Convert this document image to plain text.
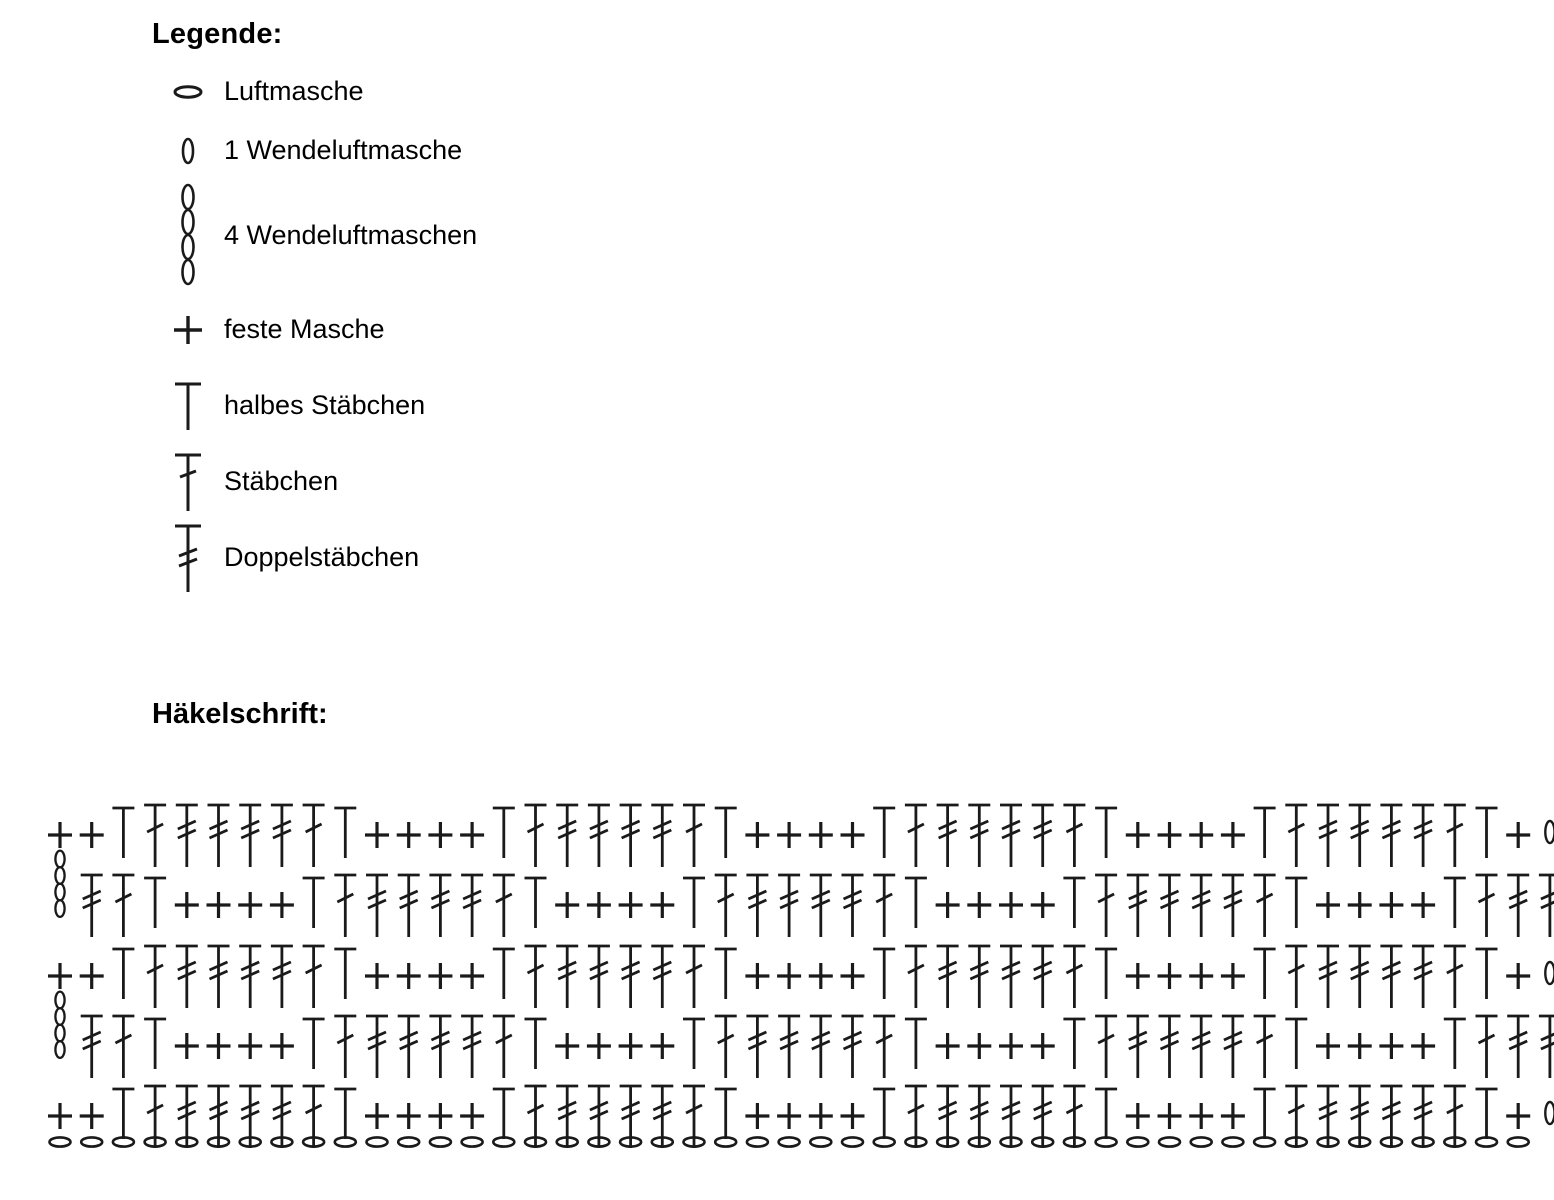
Legende:
Luftmasche
1 Wendeluftmasche
4 Wendeluftmaschen
feste Masche
halbes Stäbchen
Stäbchen
Doppelstäbchen
Häkelschrift:
